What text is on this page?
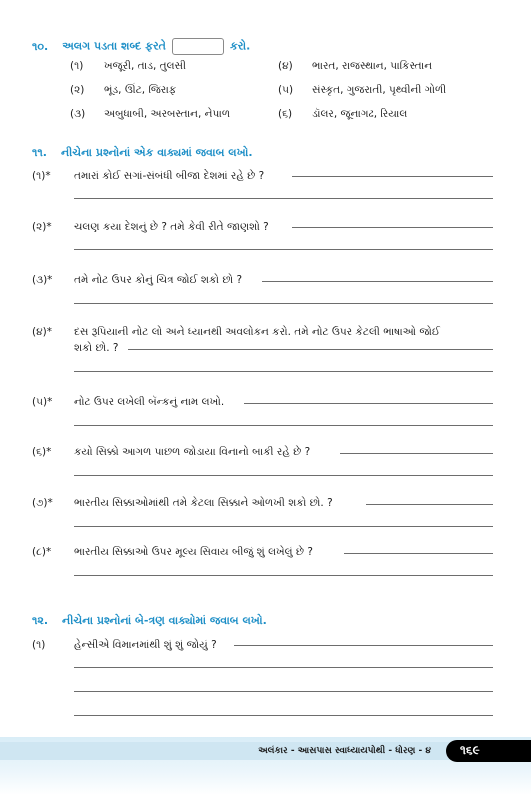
૧૦. અલગ પડતા શબ્દ ફરતે	કરો.
(૧) ખજૂરી, તાડ, તુલસી	(૪) ભારત, રાજસ્થાન, પાકિસ્તાન
(૨) ભૂંડ, ઊંટ, જિરાફ	(૫) સંસ્કૃત, ગુજરાતી, પૃથ્વીની ગોળી
(૩) અબુધાબી, અરબસ્તાન, નેપાળ	(૬) ડૉલર, જૂનાગઢ, રિયાલ
૧૧. નીચેના પ્રશ્નોનાં એક વાક્યમાં જવાબ લખો.
(૧)* તમારાં કોઈ સગાં-સંબંધી બીજા દેશમાં રહે છે ?
(૨)* ચલણ કયા દેશનું છે ? તમે કેવી રીતે જાણશો ?
(૩)* તમે નોટ ઉપર કોનું ચિત્ર જોઈ શકો છો ?
(૪)* દસ રૂપિયાની નોટ લો અને ધ્યાનથી અવલોકન કરો. તમે નોટ ઉપર કેટલી ભાષાઓ જોઈ
શકો છો. ?
(૫)* નોટ ઉપર લખેલી બૅન્કનું નામ લખો.
(૬)* કયો સિક્કો આગળ પાછળ જોડાયા વિનાનો બાકી રહે છે ?
(૭)* ભારતીય સિક્કાઓમાંથી તમે કેટલા સિક્કાને ઓળખી શકો છો. ?
(૮)* ભારતીય સિક્કાઓ ઉપર મૂલ્ય સિવાય બીજું શું લખેલું છે ?
૧૨. નીચેના પ્રશ્નોનાં બે-ત્રણ વાક્યોમાં જવાબ લખો.
(૧)	હેન્સીએ વિમાનમાંથી શું શું જોયું ?
અલંકાર - આસપાસ સ્વાધ્યાયપોથી - ધોરણ - ૪ ૧૬૯
